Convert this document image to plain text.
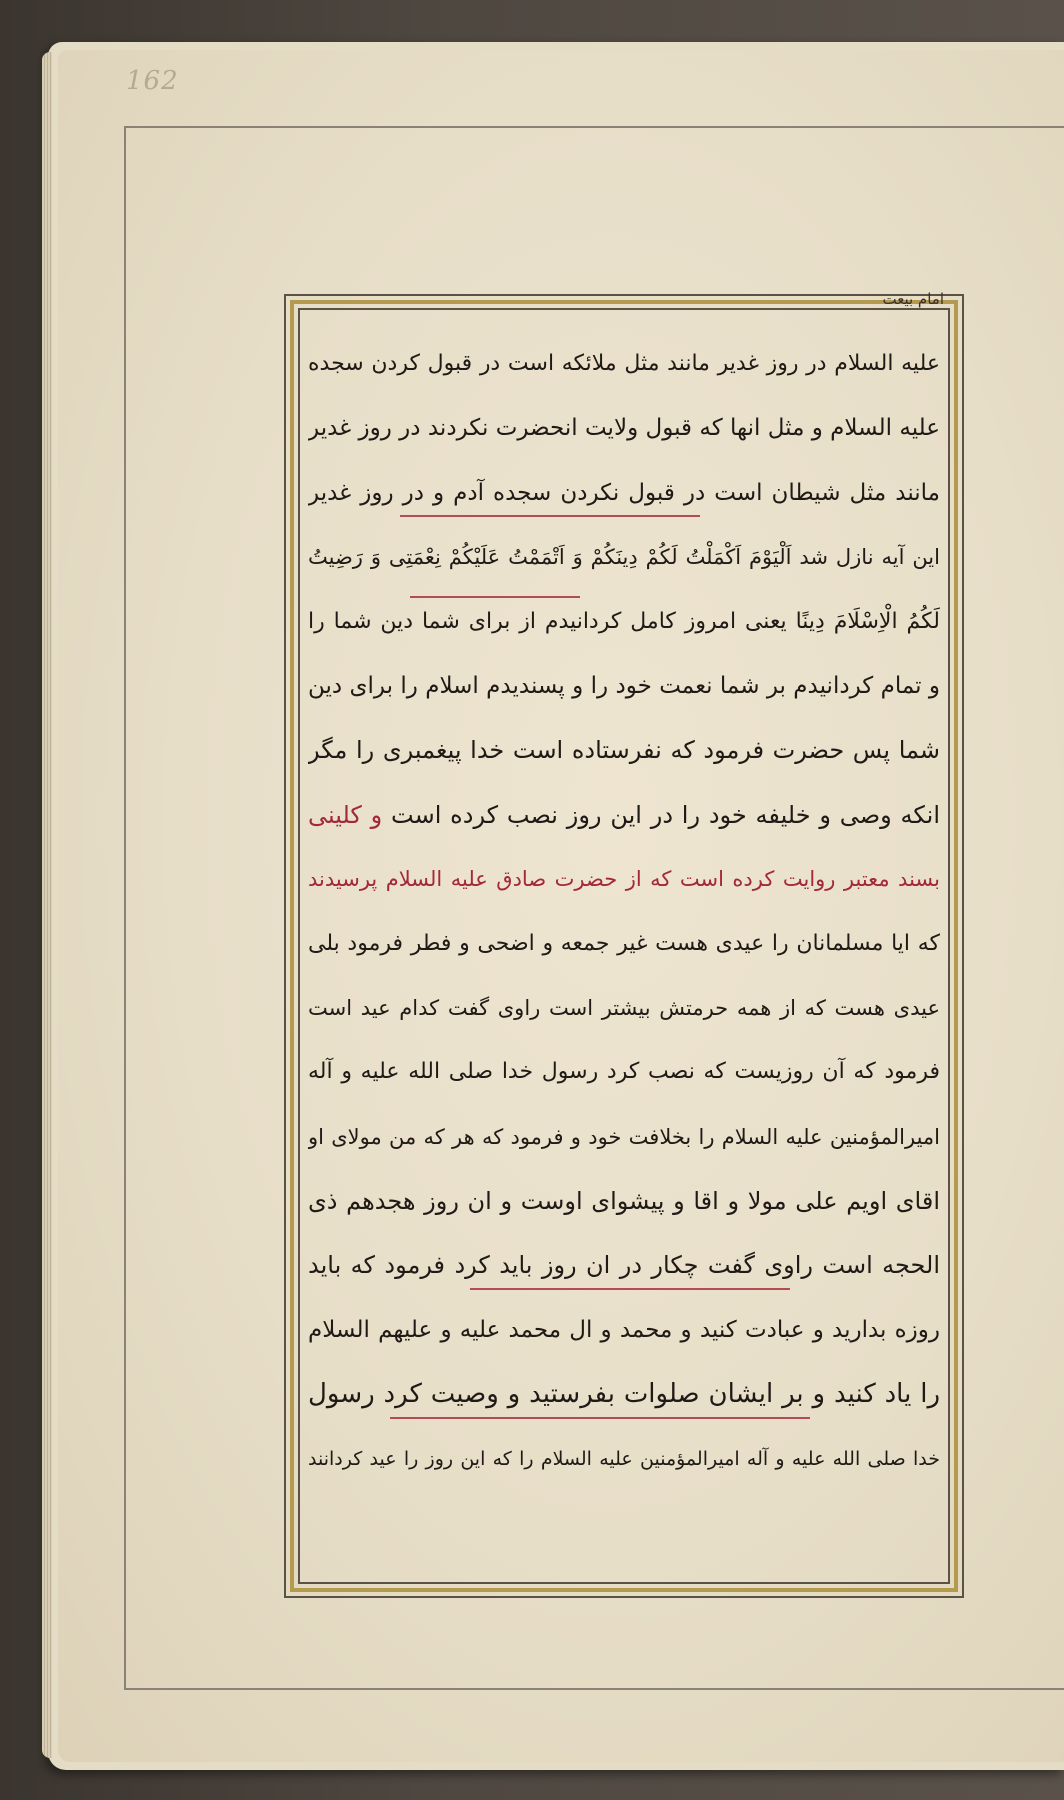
162
امام بیعت
علیه السلام در روز غدیر مانند مثل ملائکه است در قبول کردن سجده
علیه السلام و مثل انها که قبول ولایت انحضرت نکردند در روز غدیر
مانند مثل شیطان است در قبول نکردن سجده آدم و در روز غدیر
این آیه نازل شد اَلْیَوْمَ اَکْمَلْتُ لَکُمْ دِینَکُمْ وَ اَتْمَمْتُ عَلَیْکُمْ نِعْمَتِی وَ رَضِیتُ
لَکُمُ الْاِسْلَامَ دِینًا یعنی امروز کامل کردانیدم از برای شما دین شما را
و تمام کردانیدم بر شما نعمت خود را و پسندیدم اسلام را برای دین
شما پس حضرت فرمود که نفرستاده است خدا پیغمبری را مگر
انکه وصی و خلیفه خود را در این روز نصب کرده است و کلینی
بسند معتبر روایت کرده است که از حضرت صادق علیه السلام پرسیدند
که ایا مسلمانان را عیدی هست غیر جمعه و اضحی و فطر فرمود بلی
عیدی هست که از همه حرمتش بیشتر است راوی گفت کدام عید است
فرمود که آن روزیست که نصب کرد رسول خدا صلی الله علیه و آله
امیرالمؤمنین علیه السلام را بخلافت خود و فرمود که هر که من مولای او
اقای اویم علی مولا و اقا و پیشوای اوست و ان روز هجدهم ذی
الحجه است راوی گفت چکار در ان روز باید کرد فرمود که باید
روزه بدارید و عبادت کنید و محمد و ال محمد علیه و علیهم السلام
را یاد کنید و بر ایشان صلوات بفرستید و وصیت کرد رسول
خدا صلی الله علیه و آله امیرالمؤمنین علیه السلام را که این روز را عید کردانند
